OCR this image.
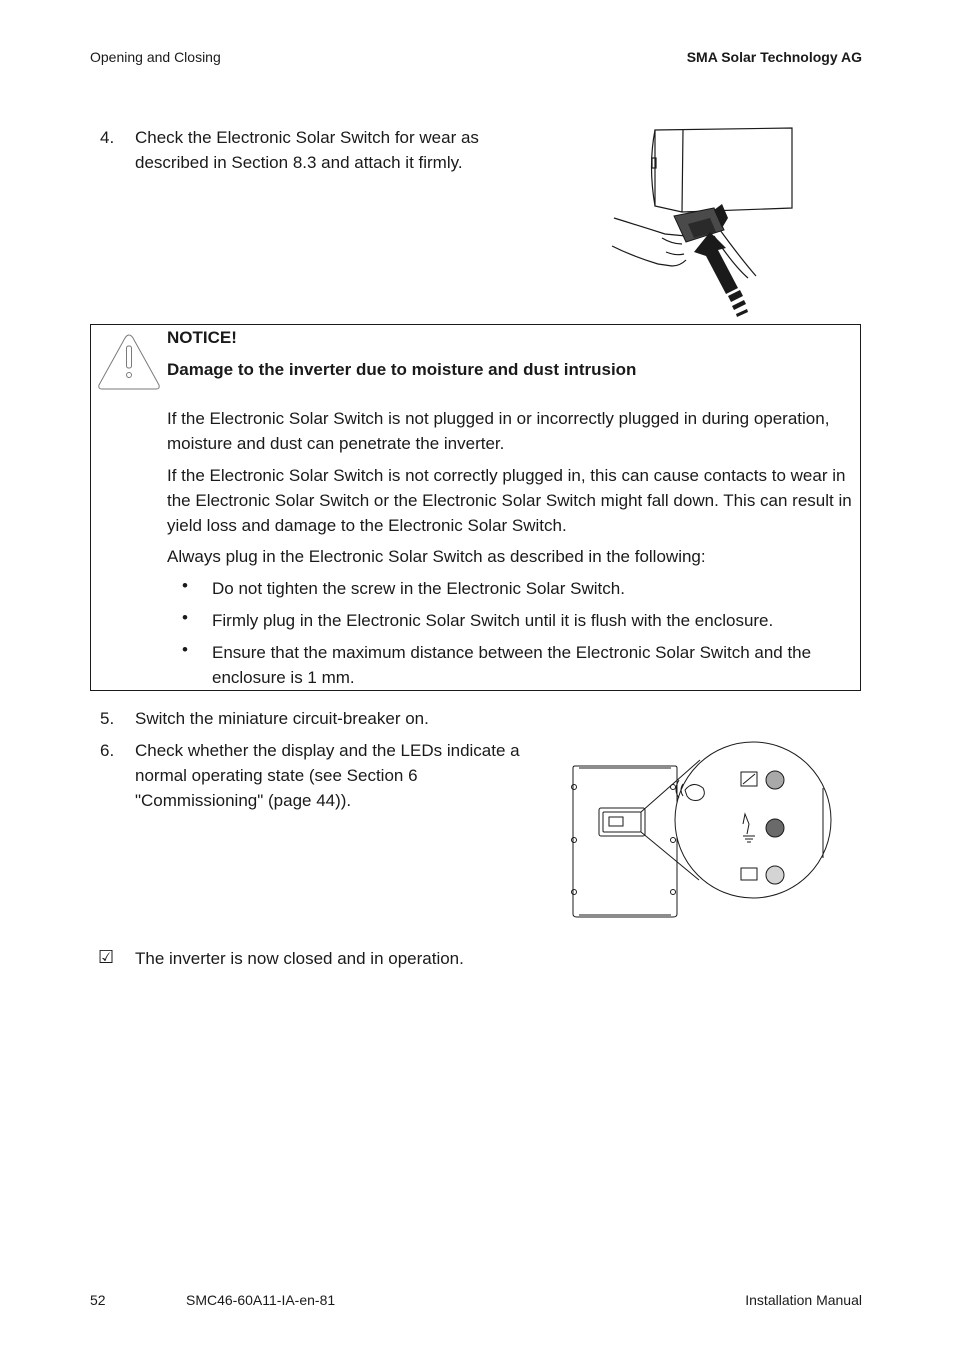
Opening and Closing	SMA Solar Technology AG
4.	Check the Electronic Solar Switch for wear as
described in Section 8.3 and attach it firmly.
NOTICE!
Damage to the inverter due to moisture and dust intrusion
If the Electronic Solar Switch is not plugged in or incorrectly plugged in during operation,
moisture and dust can penetrate the inverter.
If the Electronic Solar Switch is not correctly plugged in, this can cause contacts to wear in
the Electronic Solar Switch or the Electronic Solar Switch might fall down. This can result in
yield loss and damage to the Electronic Solar Switch.
Always plug in the Electronic Solar Switch as described in the following:
• Do not tighten the screw in the Electronic Solar Switch.
• Firmly plug in the Electronic Solar Switch until it is flush with the enclosure.
• Ensure that the maximum distance between the Electronic Solar Switch and the
enclosure is 1 mm.
5.	Switch the miniature circuit-breaker on.
6.	Check whether the display and the LEDs indicate a
normal operating state (see Section 6
"Commissioning" (page 44)).
☑ The inverter is now closed and in operation.
52	SMC46-60A11-IA-en-81	Installation Manual
